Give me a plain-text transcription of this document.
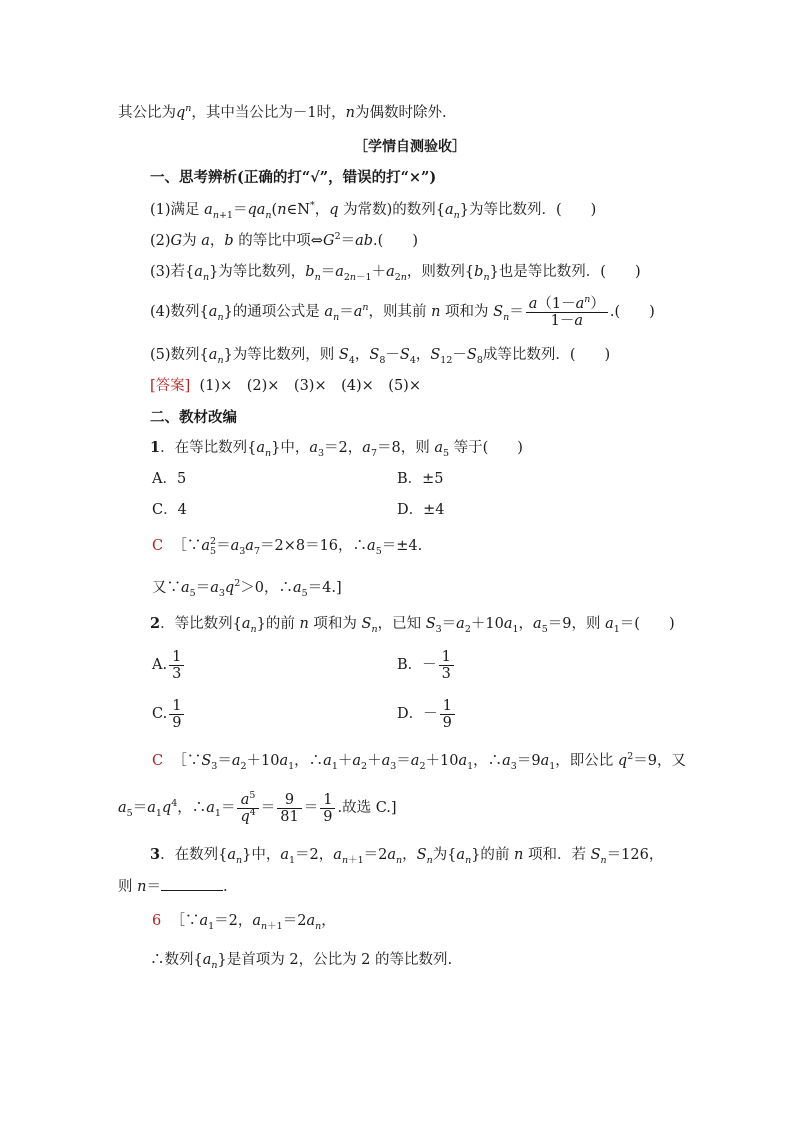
其公比为$q^n$，其中当公比为－1时，n为偶数时除外.
［学情自测验收］
一、思考辨析(正确的打“√”，错误的打“×”)
(1)满足 $a_{n+1}=qa_n(n\in N^*$，q 为常数)的数列$\{a_n\}$为等比数列．(　　)
(2)G为 a，b 的等比中项$\Leftrightarrow G^2=ab$.(　　)
(3)若$\{a_n\}$为等比数列，$b_n=a_{2n-1}+a_{2n}$，则数列$\{b_n\}$也是等比数列．(　　)
(4)数列$\{a_n\}$的通项公式是 $a_n=a^n$，则其前 n 项和为 $S_n= \frac{a(1-a^n)}{1-a}$ .(　　)
(5)数列$\{a_n\}$为等比数列，则 $S_4$，$S_8-S_4$，$S_{12}-S_8$成等比数列．(　　)
[答案] (1)×　(2)×　(3)×　(4)×　(5)×
二、教材改编
1．在等比数列$\{a_n\}$中，$a_3=2$，$a_7=8$，则 $a_5$ 等于(　　)
A．5	B．±5
C．4	D．±4
C  $[\because a^2_5=a_3a_7=2\times 8=16$，$\therefore a_5=\pm 4$.
又$\because a_5=a_3q^2>0$，$\therefore a_5=4$.]
2．等比数列$\{a_n\}$的前 n 项和为 $S_n$，已知 $S_3=a_2+10a_1$，$a_5=9$，则 $a_1=$(　　)
A. $\frac{1}{3}$	B．－ $\frac{1}{3}$
C. $\frac{1}{9}$	D．－ $\frac{1}{9}$
C  $[\because S_3=a_2+10a_1$，$\therefore a_1+a_2+a_3=a_2+10a_1$，$\therefore a_3=9a_1$，即公比 $q^2=9$，又
$a_5=a_1q^4$，$\therefore a_1= \frac{a^5}{q^4} = \frac{9}{81} = \frac{1}{9}$ .故选 C.]
3．在数列$\{a_n\}$中，$a_1=2$，$a_{n+1}=2a_n$，$S_n$为$\{a_n\}$的前 n 项和．若 $S_n=126$，
则 n＝	.
6  $[\because a_1=2$，$a_{n+1}=2a_n$，
∴数列$\{a_n\}$是首项为 2，公比为 2 的等比数列.
